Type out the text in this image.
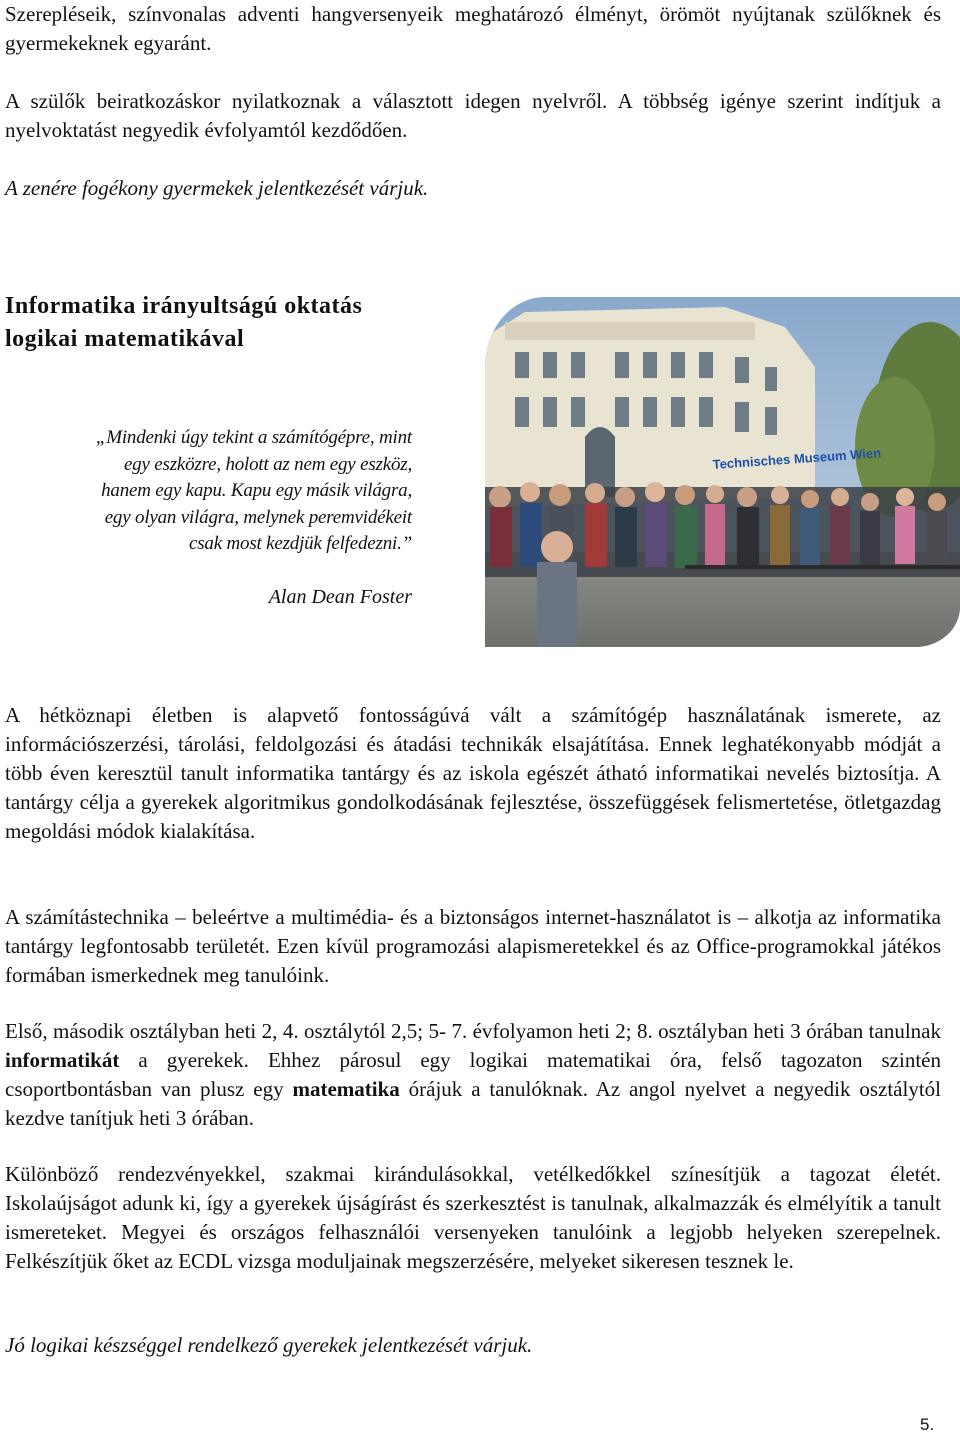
Szerepléseik, színvonalas adventi hangversenyeik meghatározó élményt, örömöt nyújtanak szülőknek és gyermekeknek egyaránt.

A szülők beiratkozáskor nyilatkoznak a választott idegen nyelvről. A többség igénye szerint indítjuk a nyelvoktatást negyedik évfolyamtól kezdődően.

A zenére fogékony gyermekek jelentkezését várjuk.

Informatika irányultságú oktatás
logikai matematikával
„Mindenki úgy tekint a számítógépre, mint
egy eszközre, holott az nem egy eszköz,
hanem egy kapu. Kapu egy másik világra,
egy olyan világra, melynek peremvidékeit
csak most kezdjük felfedezni.”

Alan Dean Foster

Technisches Museum Wien

A hétköznapi életben is alapvető fontosságúvá vált a számítógép használatának ismerete, az információszerzési, tárolási, feldolgozási és átadási technikák elsajátítása. Ennek leghatékonyabb módját a több éven keresztül tanult informatika tantárgy és az iskola egészét átható informatikai nevelés biztosítja. A tantárgy célja a gyerekek algoritmikus gondolkodásának fejlesztése, összefüggések felismertetése, ötletgazdag megoldási módok kialakítása.

A számítástechnika – beleértve a multimédia- és a biztonságos internet-használatot is – alkotja az informatika tantárgy legfontosabb területét. Ezen kívül programozási alapismeretekkel és az Office-programokkal játékos formában ismerkednek meg tanulóink.

Első, második osztályban heti 2, 4. osztálytól 2,5; 5- 7. évfolyamon heti 2; 8. osztályban heti 3 órában tanulnak informatikát a gyerekek. Ehhez párosul egy logikai matematikai óra, felső tagozaton szintén csoportbontásban van plusz egy matematika órájuk a tanulóknak. Az angol nyelvet a negyedik osztálytól kezdve tanítjuk heti 3 órában.

Különböző rendezvényekkel, szakmai kirándulásokkal, vetélkedőkkel színesítjük a tagozat életét. Iskolaújságot adunk ki, így a gyerekek újságírást és szerkesztést is tanulnak, alkalmazzák és elmélyítik a tanult ismereteket. Megyei és országos felhasználói versenyeken tanulóink a legjobb helyeken szerepelnek. Felkészítjük őket az ECDL vizsga moduljainak megszerzésére, melyeket sikeresen tesznek le.

Jó logikai készséggel rendelkező gyerekek jelentkezését várjuk.

5.
